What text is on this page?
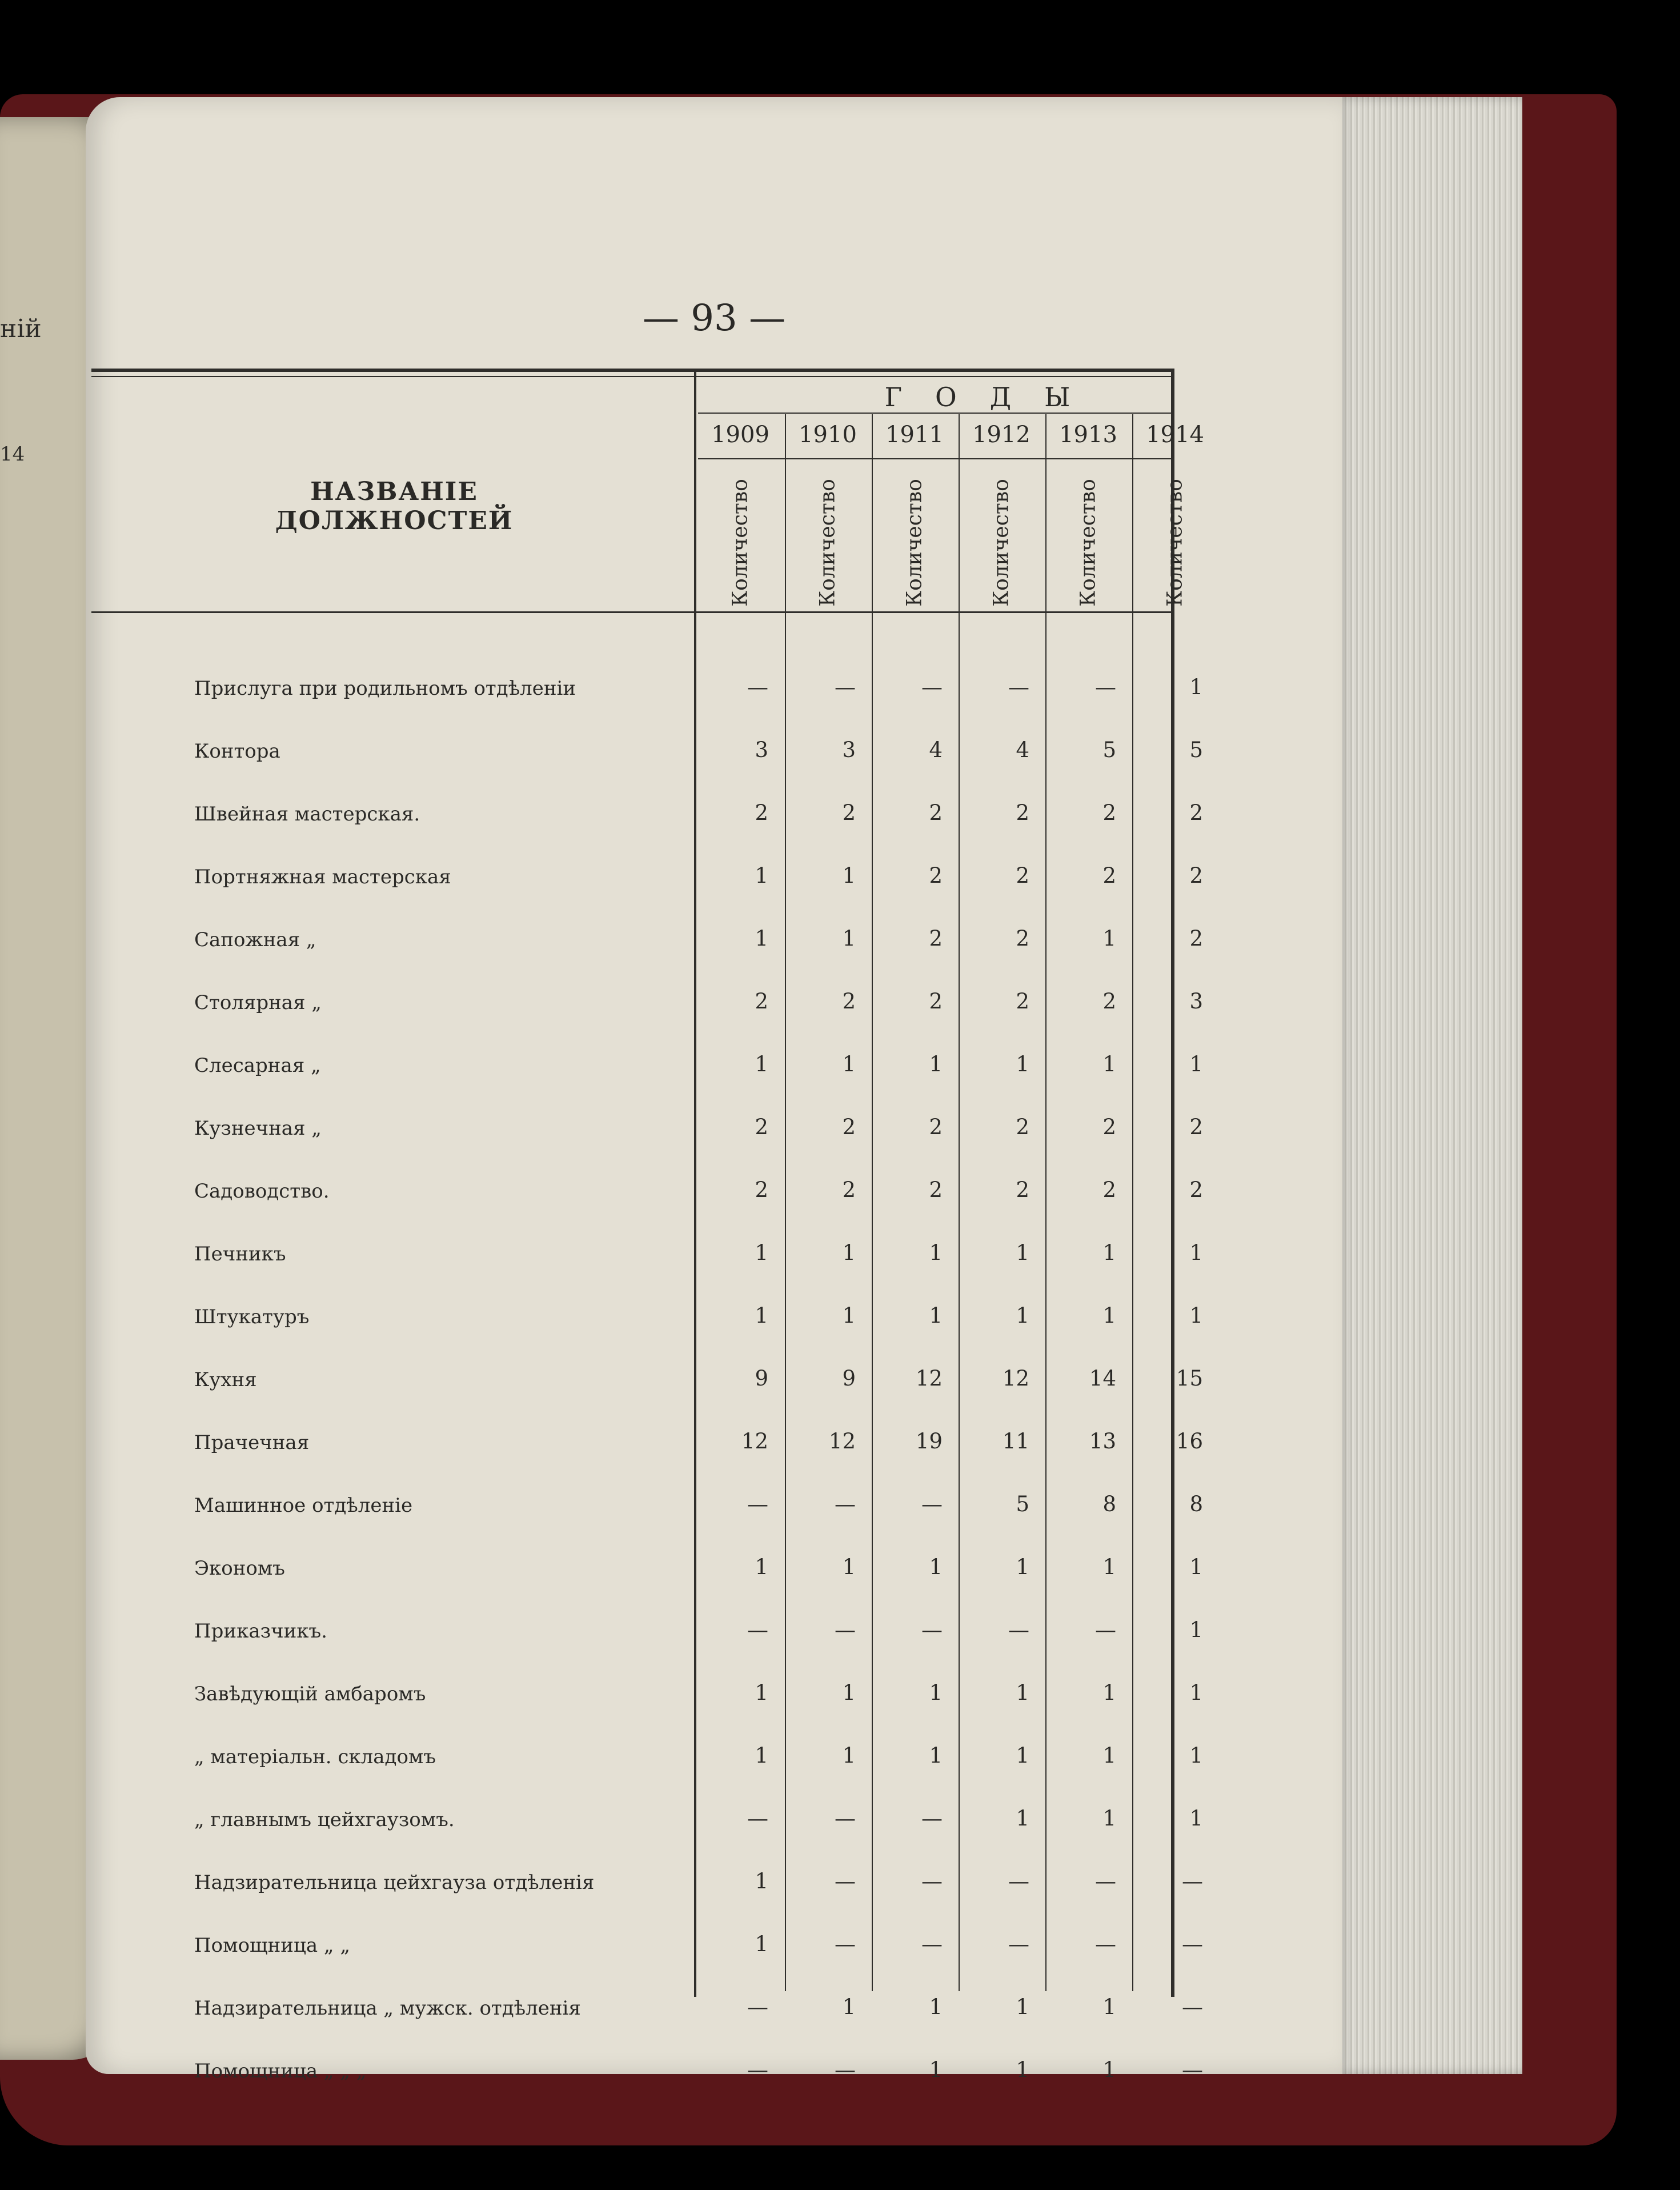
ній
14
— 93 —
НАЗВАНІЕ ДОЛЖНОСТЕЙ
ГОДЫ
1909
Количество
1910
Количество
1911
Количество
1912
Количество
1913
Количество
1914
Количество
Прислуга при родильномъ отдѣленіи	—	—	—	—	—	1
Контора	3	3	4	4	5	5
Швейная мастерская.	2	2	2	2	2	2
Портняжная мастерская	1	1	2	2	2	2
Сапожная „	1	1	2	2	1	2
Столярная „	2	2	2	2	2	3
Слесарная „	1	1	1	1	1	1
Кузнечная „	2	2	2	2	2	2
Садоводство.	2	2	2	2	2	2
Печникъ	1	1	1	1	1	1
Штукатуръ	1	1	1	1	1	1
Кухня	9	9	12	12	14	15
Прачечная	12	12	19	11	13	16
Машинное отдѣленіе	—	—	—	5	8	8
Экономъ	1	1	1	1	1	1
Приказчикъ.	—	—	—	—	—	1
Завѣдующій амбаромъ	1	1	1	1	1	1
„ матеріальн. складомъ	1	1	1	1	1	1
„ главнымъ цейхгаузомъ.	—	—	—	1	1	1
Надзирательница цейхгауза отдѣленія	1	—	—	—	—	—
Помощница „ „	1	—	—	—	—	—
Надзирательница „ мужск. отдѣленія	—	1	1	1	1	—
Помощница „ „ „	—	—	1	1	1	—
